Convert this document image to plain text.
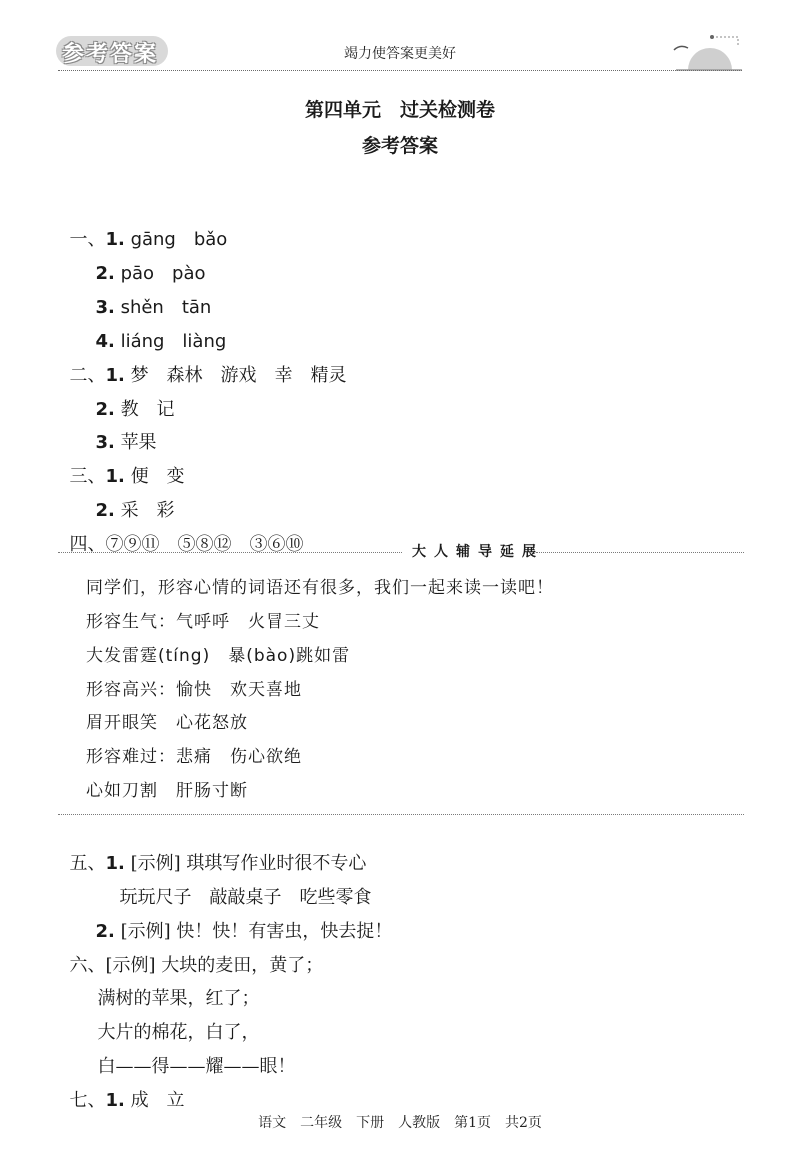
参考答案	竭力使答案更美好
第四单元　过关检测卷
参考答案

一、1. gāng　bǎo

2. pāo　pào

3. shěn　tān

4. liáng　liàng

二、1. 梦　森林　游戏　幸　精灵

2. 教　记

3. 苹果

三、1. 便　变

2. 采　彩

四、⑦⑨⑪　⑤⑧⑫　③⑥⑩	大人辅导延展
同学们，形容心情的词语还有很多，我们一起来读一读吧！
形容生气：气呼呼　火冒三丈
大发雷霆(tíng)　暴(bào)跳如雷
形容高兴：愉快　欢天喜地
眉开眼笑　心花怒放
形容难过：悲痛　伤心欲绝
心如刀割　肝肠寸断

五、1. [示例] 琪琪写作业时很不专心

玩玩尺子　敲敲桌子　吃些零食

2. [示例] 快！快！有害虫，快去捉！

六、[示例] 大块的麦田，黄了；

满树的苹果，红了；

大片的棉花，白了，

白——得——耀——眼！

七、1. 成　立

语文　二年级　下册　人教版　第1页　共2页
